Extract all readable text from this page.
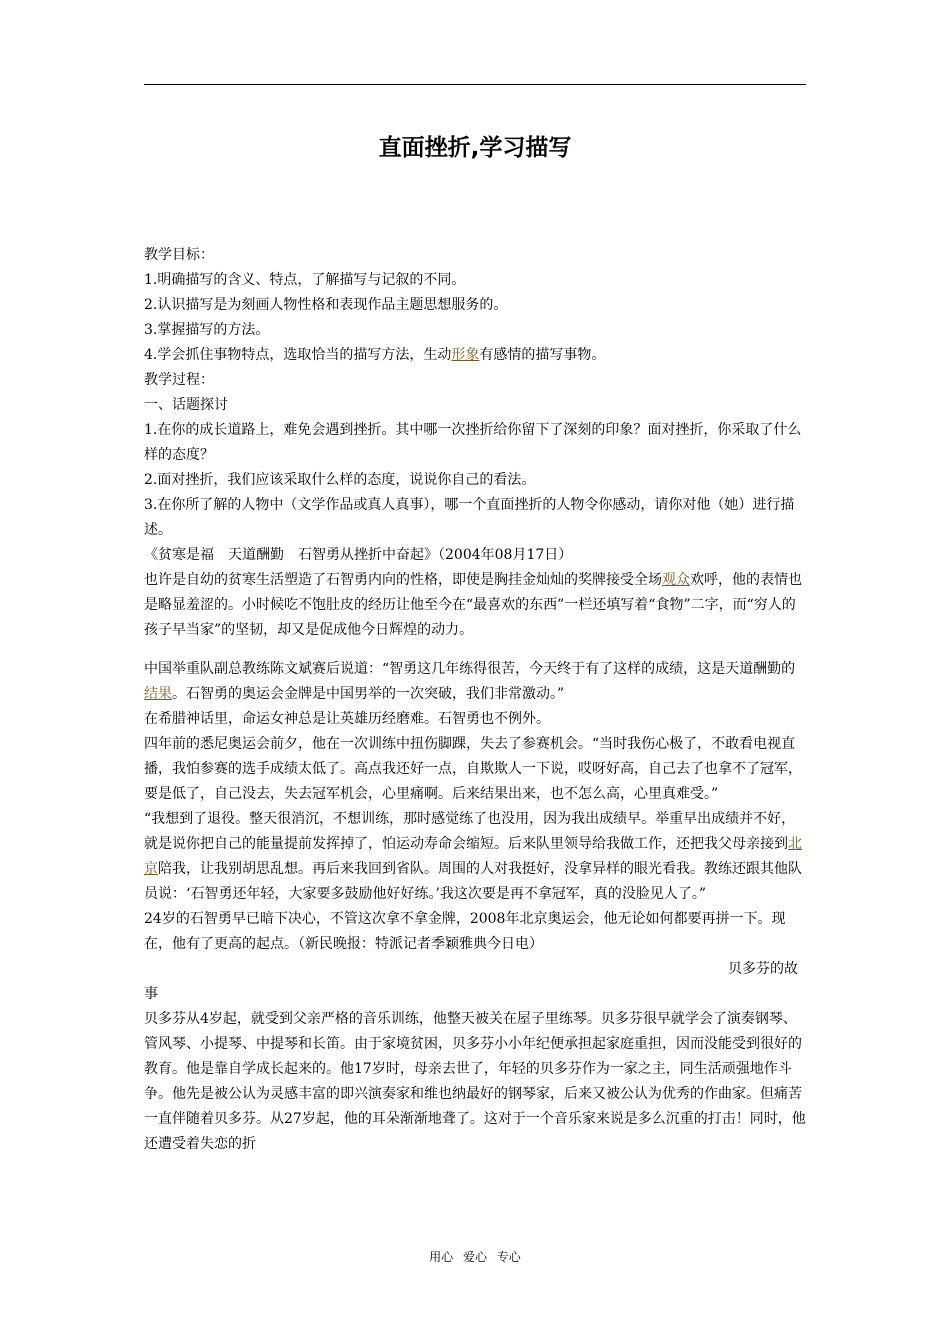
直面挫折,学习描写

教学目标：

1.明确描写的含义、特点，了解描写与记叙的不同。

2.认识描写是为刻画人物性格和表现作品主题思想服务的。

3.掌握描写的方法。

4.学会抓住事物特点，选取恰当的描写方法，生动形象有感情的描写事物。

教学过程：

一、话题探讨

1.在你的成长道路上，难免会遇到挫折。其中哪一次挫折给你留下了深刻的印象？面对挫折，你采取了什么样的态度？

2.面对挫折，我们应该采取什么样的态度，说说你自己的看法。

3.在你所了解的人物中（文学作品或真人真事），哪一个直面挫折的人物令你感动，请你对他（她）进行描述。

《贫寒是福　天道酬勤　石智勇从挫折中奋起》（2004年08月17日）

也许是自幼的贫寒生活塑造了石智勇内向的性格，即使是胸挂金灿灿的奖牌接受全场观众欢呼，他的表情也是略显羞涩的。小时候吃不饱肚皮的经历让他至今在“最喜欢的东西”一栏还填写着“食物”二字，而“穷人的孩子早当家”的坚韧，却又是促成他今日辉煌的动力。

中国举重队副总教练陈文斌赛后说道：“智勇这几年练得很苦，今天终于有了这样的成绩，这是天道酬勤的结果。石智勇的奥运会金牌是中国男举的一次突破，我们非常激动。”

在希腊神话里，命运女神总是让英雄历经磨难。石智勇也不例外。

四年前的悉尼奥运会前夕，他在一次训练中扭伤脚踝，失去了参赛机会。“当时我伤心极了，不敢看电视直播，我怕参赛的选手成绩太低了。高点我还好一点，自欺欺人一下说，哎呀好高，自己去了也拿不了冠军，要是低了，自己没去，失去冠军机会，心里痛啊。后来结果出来，也不怎么高，心里真难受。”

“我想到了退役。整天很消沉，不想训练，那时感觉练了也没用，因为我出成绩早。举重早出成绩并不好，就是说你把自己的能量提前发挥掉了，怕运动寿命会缩短。后来队里领导给我做工作，还把我父母亲接到北京陪我，让我别胡思乱想。再后来我回到省队。周围的人对我挺好，没拿异样的眼光看我。教练还跟其他队员说：‘石智勇还年轻，大家要多鼓励他好好练。’我这次要是再不拿冠军，真的没脸见人了。”

24岁的石智勇早已暗下决心，不管这次拿不拿金牌，2008年北京奥运会，他无论如何都要再拼一下。现在，他有了更高的起点。（新民晚报：特派记者季颖雅典今日电）

贝多芬的故

事

贝多芬从4岁起，就受到父亲严格的音乐训练，他整天被关在屋子里练琴。贝多芬很早就学会了演奏钢琴、管风琴、小提琴、中提琴和长笛。由于家境贫困，贝多芬小小年纪便承担起家庭重担，因而没能受到很好的教育。他是靠自学成长起来的。他17岁时，母亲去世了，年轻的贝多芬作为一家之主，同生活顽强地作斗争。他先是被公认为灵感丰富的即兴演奏家和维也纳最好的钢琴家，后来又被公认为优秀的作曲家。但痛苦一直伴随着贝多芬。从27岁起，他的耳朵渐渐地聋了。这对于一个音乐家来说是多么沉重的打击！同时，他还遭受着失恋的折

用心 爱心 专心
